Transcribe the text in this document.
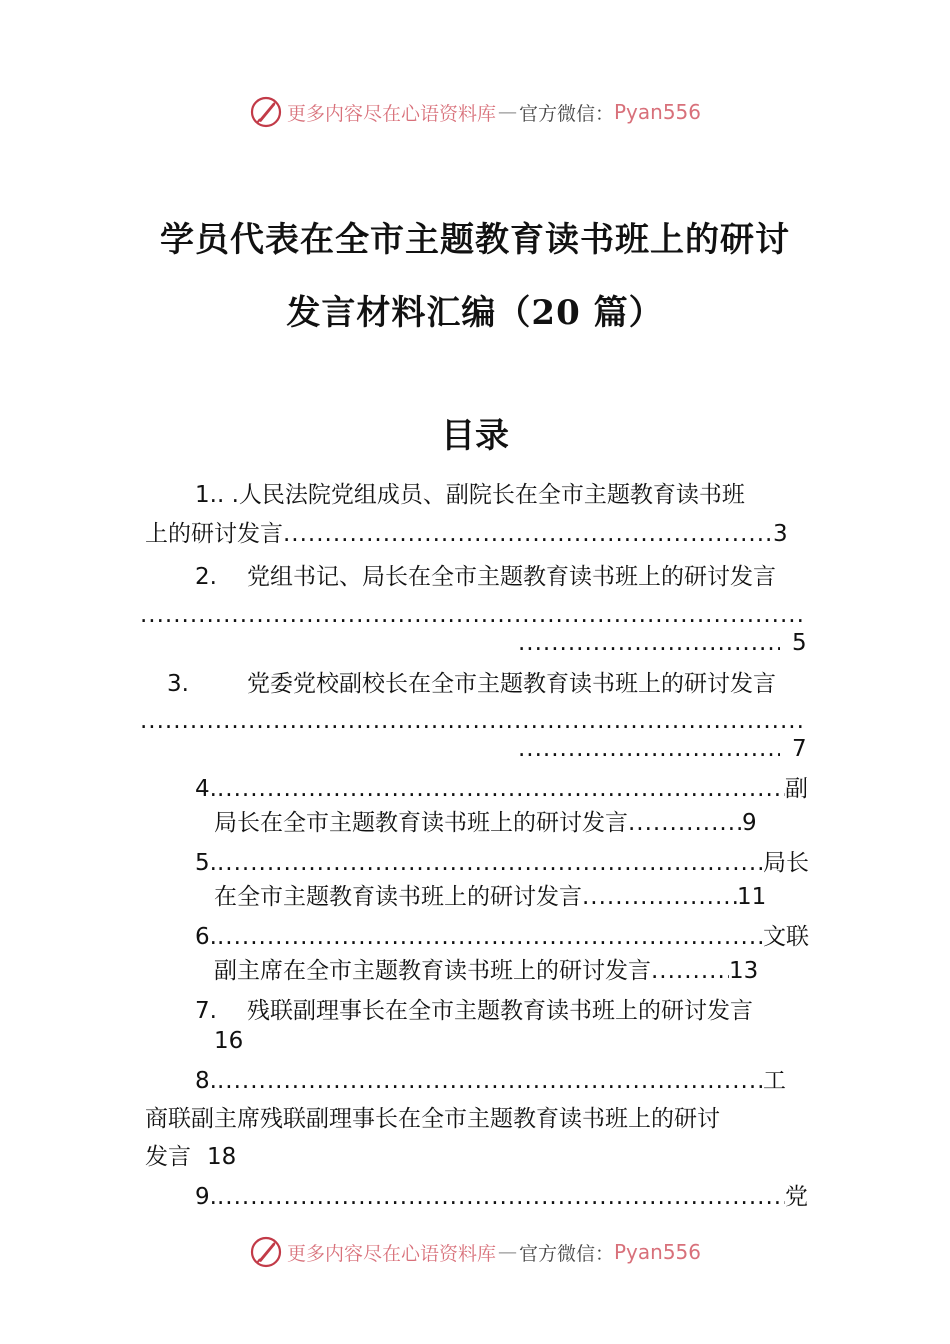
更多内容尽在心语资料库 — 官方微信： Pyan556
学员代表在全市主题教育读书班上的研讨
发言材料汇编（20 篇）
目录
1.. .人民法院党组成员、副院长在全市主题教育读书班
上的研讨发言 .....	3
2. 党组书记、局长在全市主题教育读书班上的研讨发言
.....
.....5
3.	党委党校副校长在全市主题教育读书班上的研讨发言
.....
.....7
4. .....	副
局长在全市主题教育读书班上的研讨发言 .....	9
5. .....	局长
在全市主题教育读书班上的研讨发言 .....	11
6. .....	文联
副主席在全市主题教育读书班上的研讨发言 .....	13
7. 残联副理事长在全市主题教育读书班上的研讨发言
16
8. .....	工
商联副主席残联副理事长在全市主题教育读书班上的研讨
发言 18
9. .....	党
更多内容尽在心语资料库 — 官方微信： Pyan556
